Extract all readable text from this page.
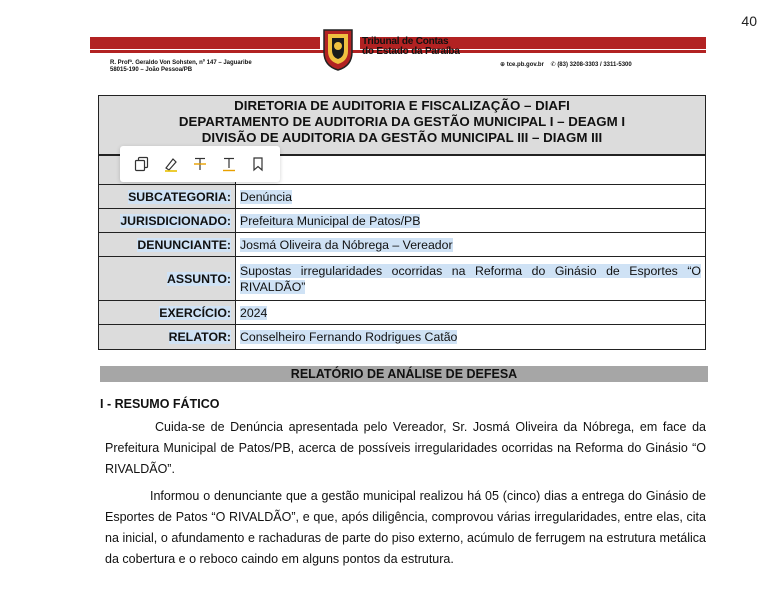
40
Tribunal de Contas
do Estado da Paraíba
R. Profª. Geraldo Von Sohsten, nº 147 – Jaguaribe
58015-190 – João Pessoa/PB
⊕ tce.pb.gov.br ✆ (83) 3208-3303 / 3311-5300
DIRETORIA DE AUDITORIA E FISCALIZAÇÃO – DIAFI
DEPARTAMENTO DE AUDITORIA DA GESTÃO MUNICIPAL I – DEAGM I
DIVISÃO DE AUDITORIA DA GESTÃO MUNICIPAL III – DIAGM III

SUBCATEGORIA:	Denúncia
JURISDICIONADO:	Prefeitura Municipal de Patos/PB
DENUNCIANTE:	Josmá Oliveira da Nóbrega – Vereador
ASSUNTO:	Supostas irregularidades ocorridas na Reforma do Ginásio de Esportes “O RIVALDÃO”
EXERCÍCIO:	2024
RELATOR:	Conselheiro Fernando Rodrigues Catão
RELATÓRIO DE ANÁLISE DE DEFESA
I - RESUMO FÁTICO

Cuida-se de Denúncia apresentada pelo Vereador, Sr. Josmá Oliveira da Nóbrega, em face da Prefeitura Municipal de Patos/PB, acerca de possíveis irregularidades ocorridas na Reforma do Ginásio “O RIVALDÃO”.

Informou o denunciante que a gestão municipal realizou há 05 (cinco) dias a entrega do Ginásio de Esportes de Patos “O RIVALDÃO”, e que, após diligência, comprovou várias irregularidades, entre elas, cita na inicial, o afundamento e rachaduras de parte do piso externo, acúmulo de ferrugem na estrutura metálica da cobertura e o reboco caindo em alguns pontos da estrutura.
